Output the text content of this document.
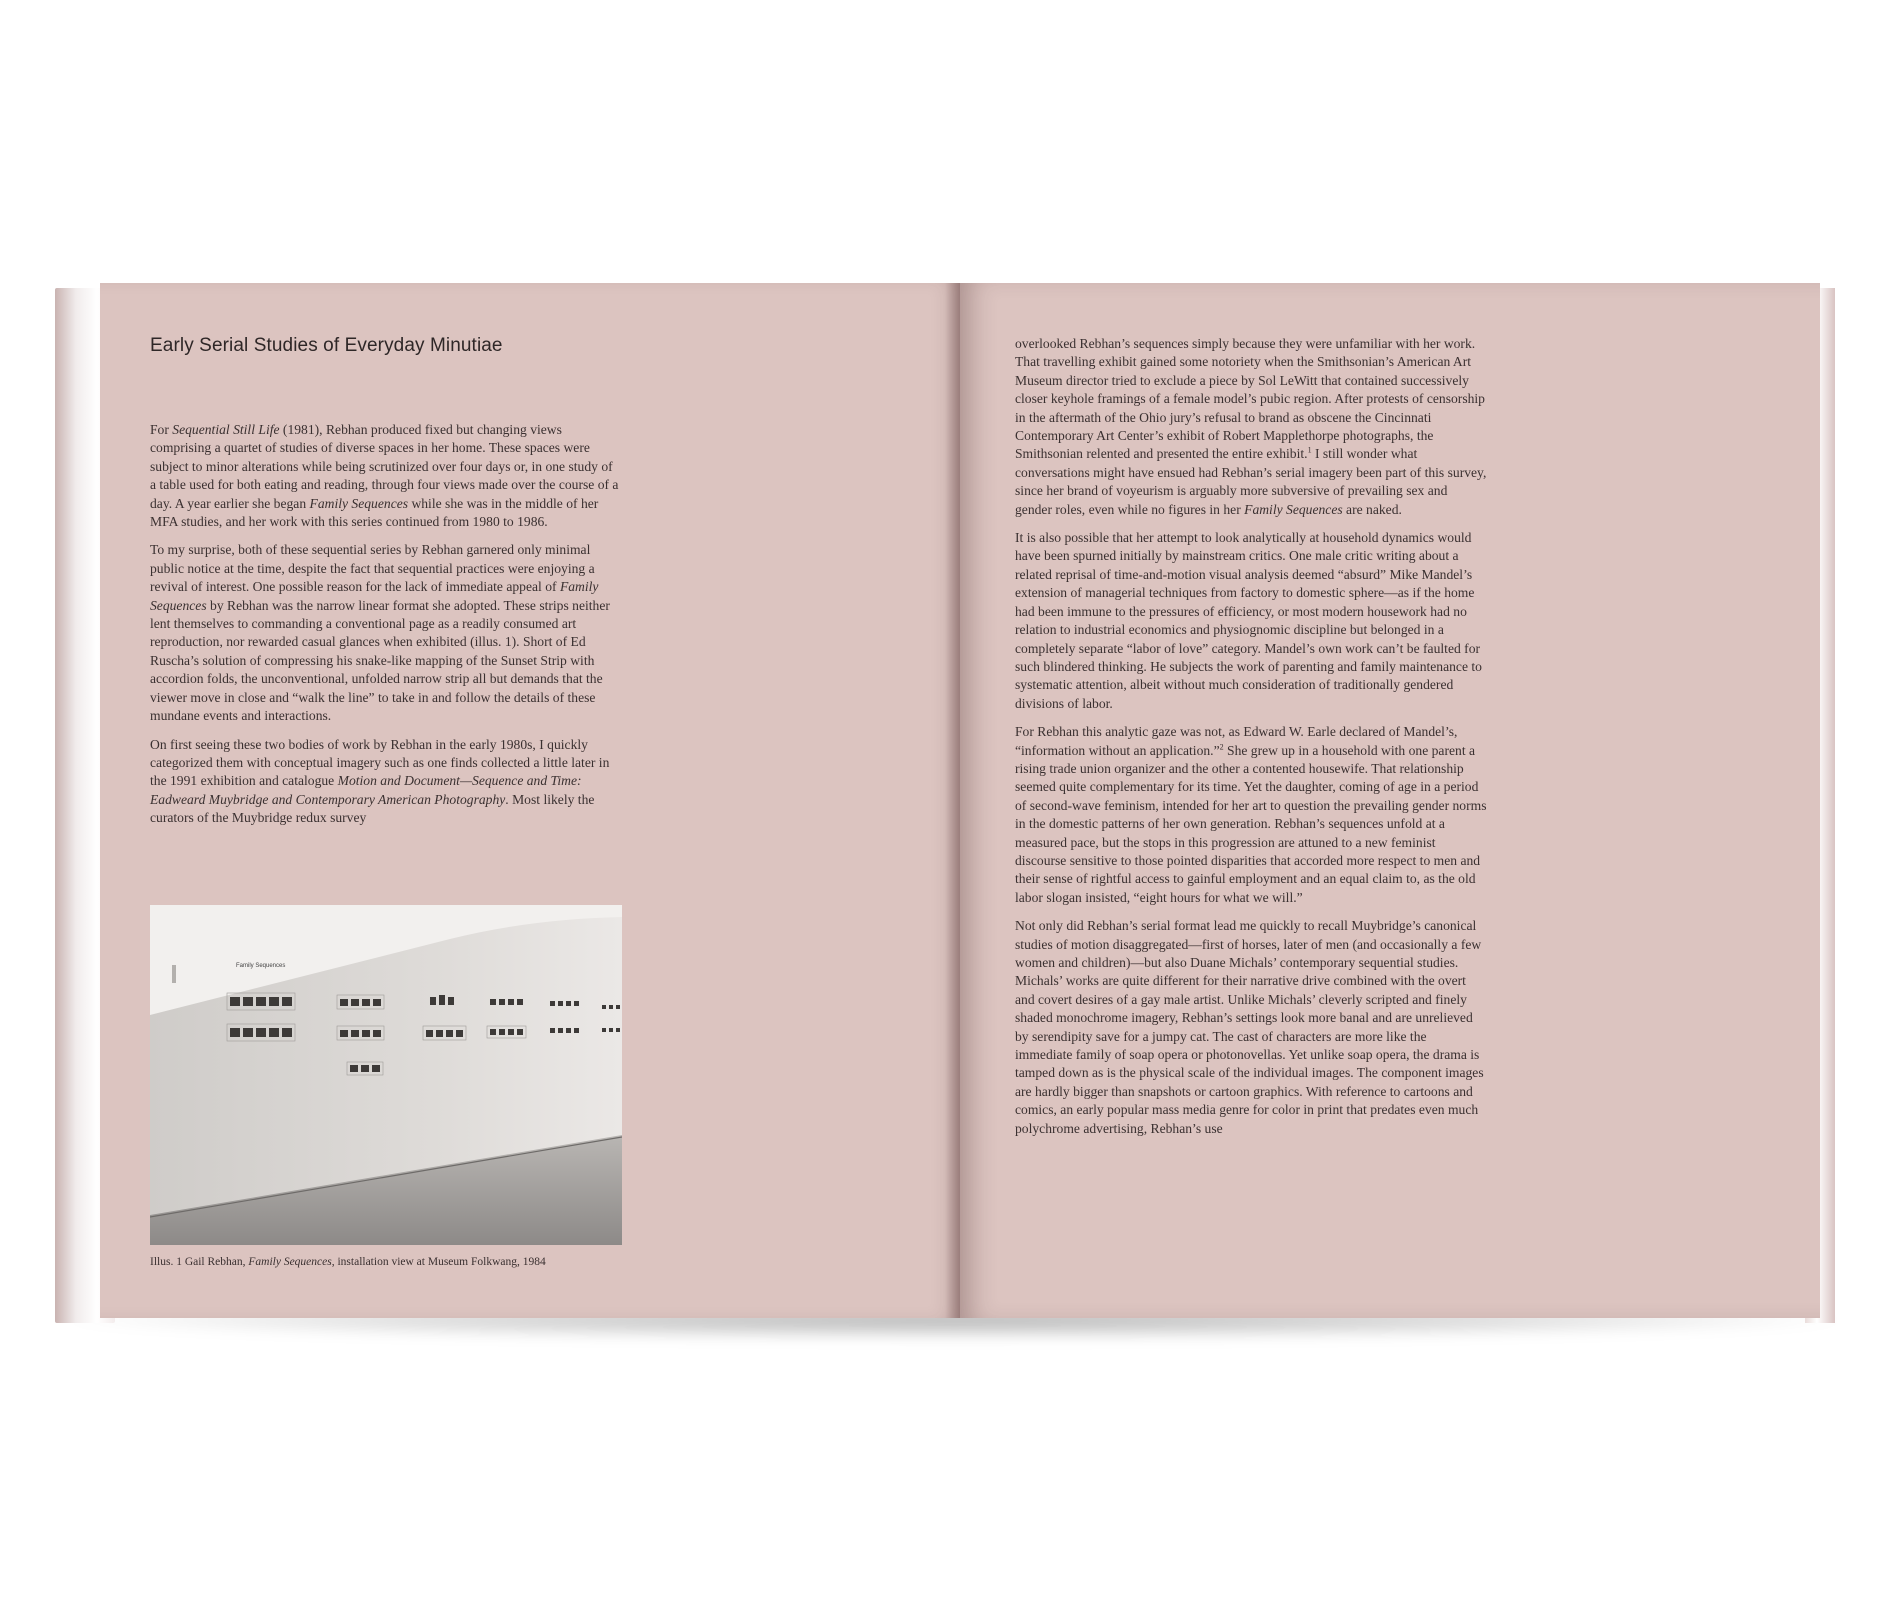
Early Serial Studies of Everyday Minutiae

For Sequential Still Life (1981), Rebhan produced fixed but changing views comprising a quartet of studies of diverse spaces in her home. These spaces were subject to minor alterations while being scrutinized over four days or, in one study of a table used for both eating and reading, through four views made over the course of a day. A year earlier she began Family Sequences while she was in the middle of her MFA studies, and her work with this series continued from 1980 to 1986.

To my surprise, both of these sequential series by Rebhan garnered only minimal public notice at the time, despite the fact that sequential practices were enjoying a revival of interest. One possible reason for the lack of immediate appeal of Family Sequences by Rebhan was the narrow linear format she adopted. These strips neither lent themselves to commanding a conventional page as a readily consumed art reproduction, nor rewarded casual glances when exhibited (illus. 1). Short of Ed Ruscha’s solution of compressing his snake-like mapping of the Sunset Strip with accordion folds, the unconventional, unfolded narrow strip all but demands that the viewer move in close and “walk the line” to take in and follow the details of these mundane events and interactions.

On first seeing these two bodies of work by Rebhan in the early 1980s, I quickly categorized them with conceptual imagery such as one finds collected a little later in the 1991 exhibition and catalogue Motion and Document—Sequence and Time: Eadweard Muybridge and Contemporary American Photography. Most likely the curators of the Muybridge redux survey

Family Sequences
Illus. 1 Gail Rebhan, Family Sequences, installation view at Museum Folkwang, 1984

overlooked Rebhan’s sequences simply because they were unfamiliar with her work. That travelling exhibit gained some notoriety when the Smithsonian’s American Art Museum director tried to exclude a piece by Sol LeWitt that contained successively closer keyhole framings of a female model’s pubic region. After protests of censorship in the aftermath of the Ohio jury’s refusal to brand as obscene the Cincinnati Contemporary Art Center’s exhibit of Robert Mapplethorpe photographs, the Smithsonian relented and presented the entire exhibit.$^1$ I still wonder what conversations might have ensued had Rebhan’s serial imagery been part of this survey, since her brand of voyeurism is arguably more subversive of prevailing sex and gender roles, even while no figures in her Family Sequences are naked.

It is also possible that her attempt to look analytically at household dynamics would have been spurned initially by mainstream critics. One male critic writing about a related reprisal of time-and-motion visual analysis deemed “absurd” Mike Mandel’s extension of managerial techniques from factory to domestic sphere—as if the home had been immune to the pressures of efficiency, or most modern housework had no relation to industrial economics and physiognomic discipline but belonged in a completely separate “labor of love” category. Mandel’s own work can’t be faulted for such blindered thinking. He subjects the work of parenting and family maintenance to systematic attention, albeit without much consideration of traditionally gendered divisions of labor.

For Rebhan this analytic gaze was not, as Edward W. Earle declared of Mandel’s, “information without an application.”$^2$ She grew up in a household with one parent a rising trade union organizer and the other a contented housewife. That relationship seemed quite complementary for its time. Yet the daughter, coming of age in a period of second-wave feminism, intended for her art to question the prevailing gender norms in the domestic patterns of her own generation. Rebhan’s sequences unfold at a measured pace, but the stops in this progression are attuned to a new feminist discourse sensitive to those pointed disparities that accorded more respect to men and their sense of rightful access to gainful employment and an equal claim to, as the old labor slogan insisted, “eight hours for what we will.”

Not only did Rebhan’s serial format lead me quickly to recall Muybridge’s canonical studies of motion disaggregated—first of horses, later of men (and occasionally a few women and children)—but also Duane Michals’ contemporary sequential studies. Michals’ works are quite different for their narrative drive combined with the overt and covert desires of a gay male artist. Unlike Michals’ cleverly scripted and finely shaded monochrome imagery, Rebhan’s settings look more banal and are unrelieved by serendipity save for a jumpy cat. The cast of characters are more like the immediate family of soap opera or photonovellas. Yet unlike soap opera, the drama is tamped down as is the physical scale of the individual images. The component images are hardly bigger than snapshots or cartoon graphics. With reference to cartoons and comics, an early popular mass media genre for color in print that predates even much polychrome advertising, Rebhan’s use
